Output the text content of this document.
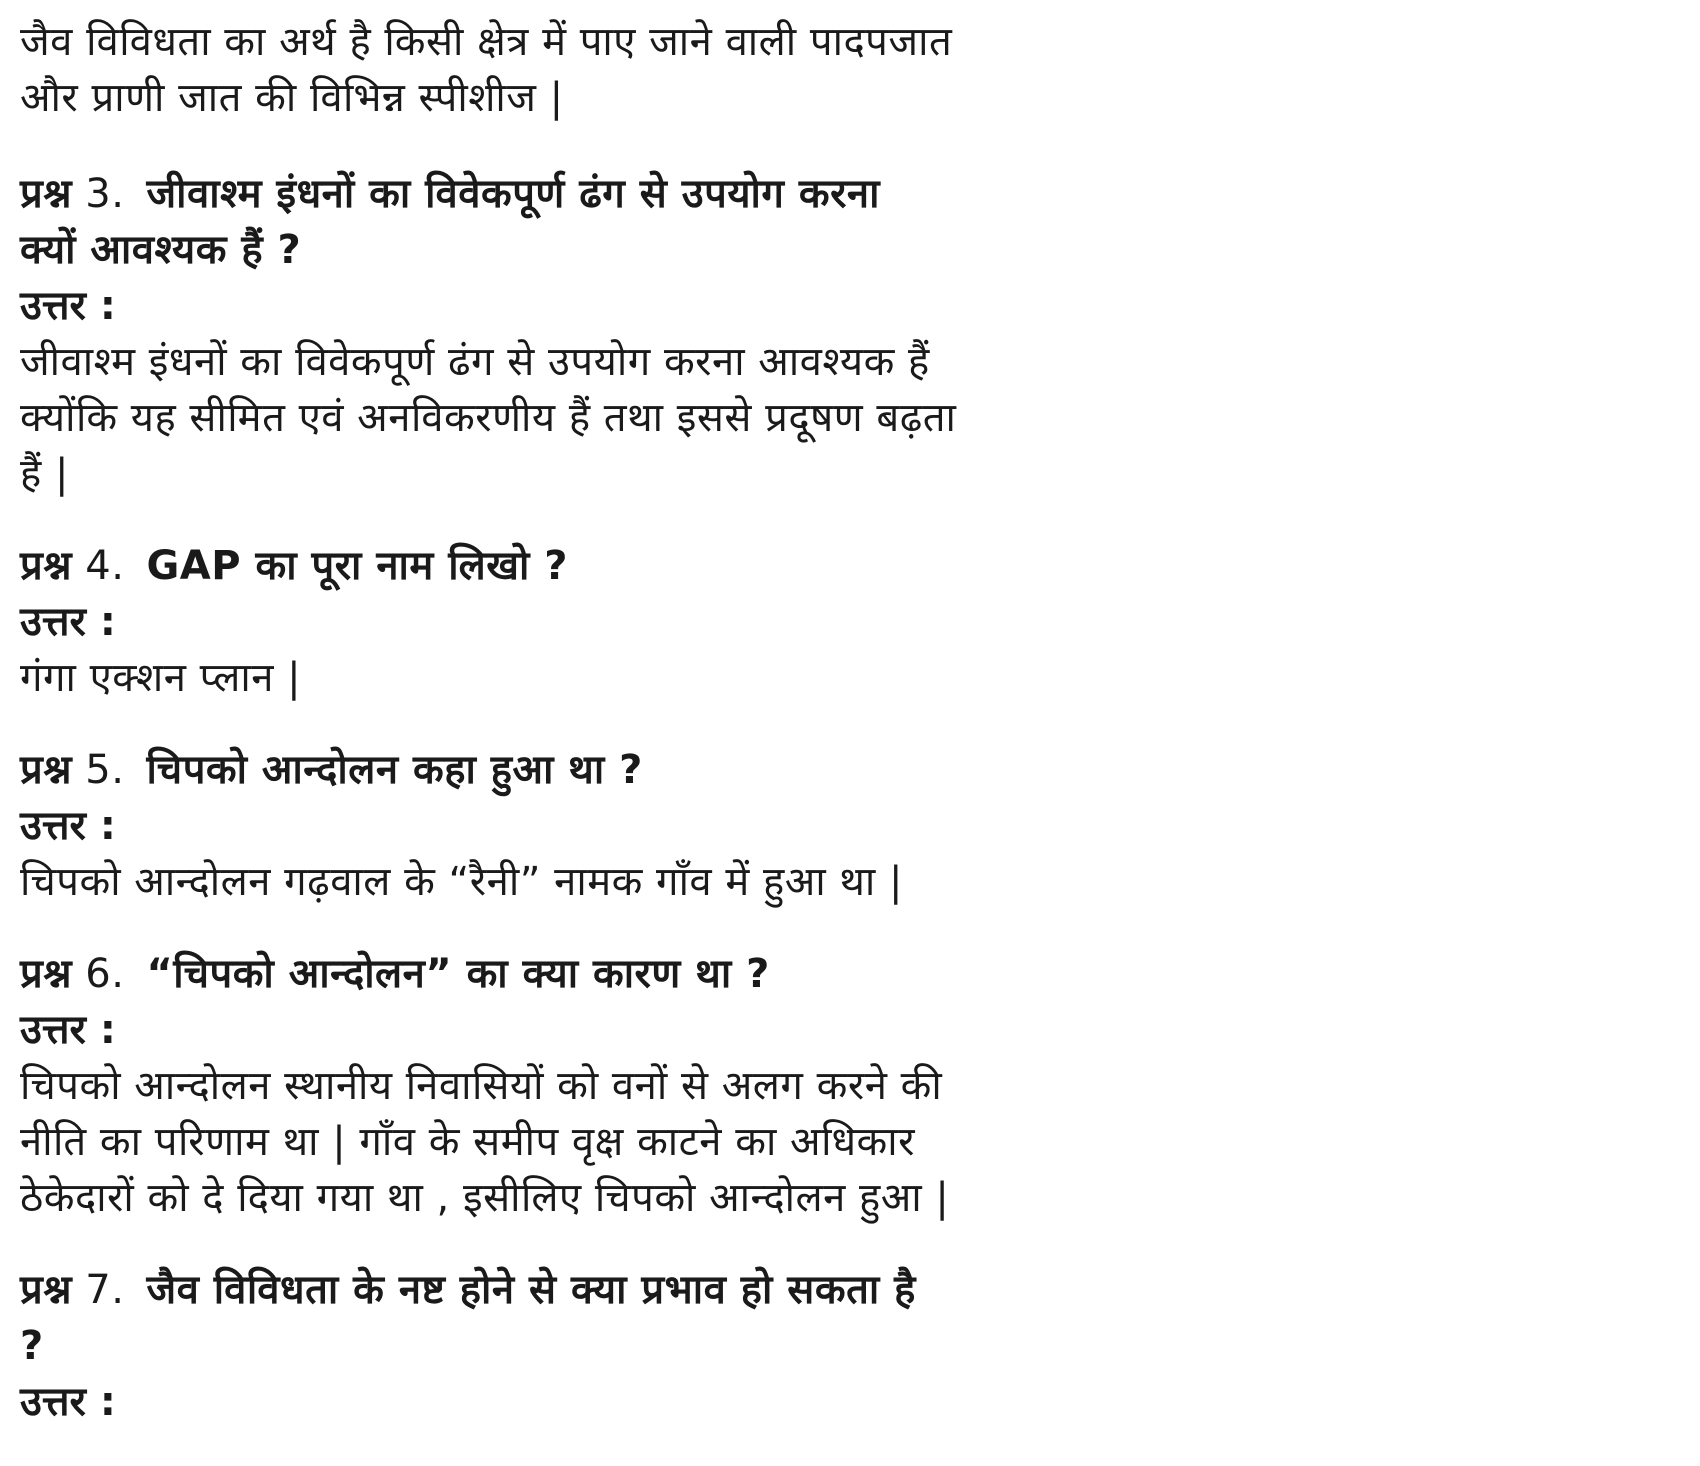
जैव विविधता का अर्थ है किसी क्षेत्र में पाए जाने वाली पादपजात
और प्राणी जात की विभिन्न स्पीशीज |
प्रश्न 3. जीवाश्म इंधनों का विवेकपूर्ण ढंग से उपयोग करना
क्यों आवश्यक हैं ?
उत्तर :
जीवाश्म इंधनों का विवेकपूर्ण ढंग से उपयोग करना आवश्यक हैं
क्योंकि यह सीमित एवं अनविकरणीय हैं तथा इससे प्रदूषण बढ़ता
हैं |
प्रश्न 4. GAP का पूरा नाम लिखो ?
उत्तर :
गंगा एक्शन प्लान |
प्रश्न 5. चिपको आन्दोलन कहा हुआ था ?
उत्तर :
चिपको आन्दोलन गढ़वाल के “रैनी” नामक गाँव में हुआ था |
प्रश्न 6. “चिपको आन्दोलन” का क्या कारण था ?
उत्तर :
चिपको आन्दोलन स्थानीय निवासियों को वनों से अलग करने की
नीति का परिणाम था | गाँव के समीप वृक्ष काटने का अधिकार
ठेकेदारों को दे दिया गया था , इसीलिए चिपको आन्दोलन हुआ |
प्रश्न 7. जैव विविधता के नष्ट होने से क्या प्रभाव हो सकता है
?
उत्तर :
